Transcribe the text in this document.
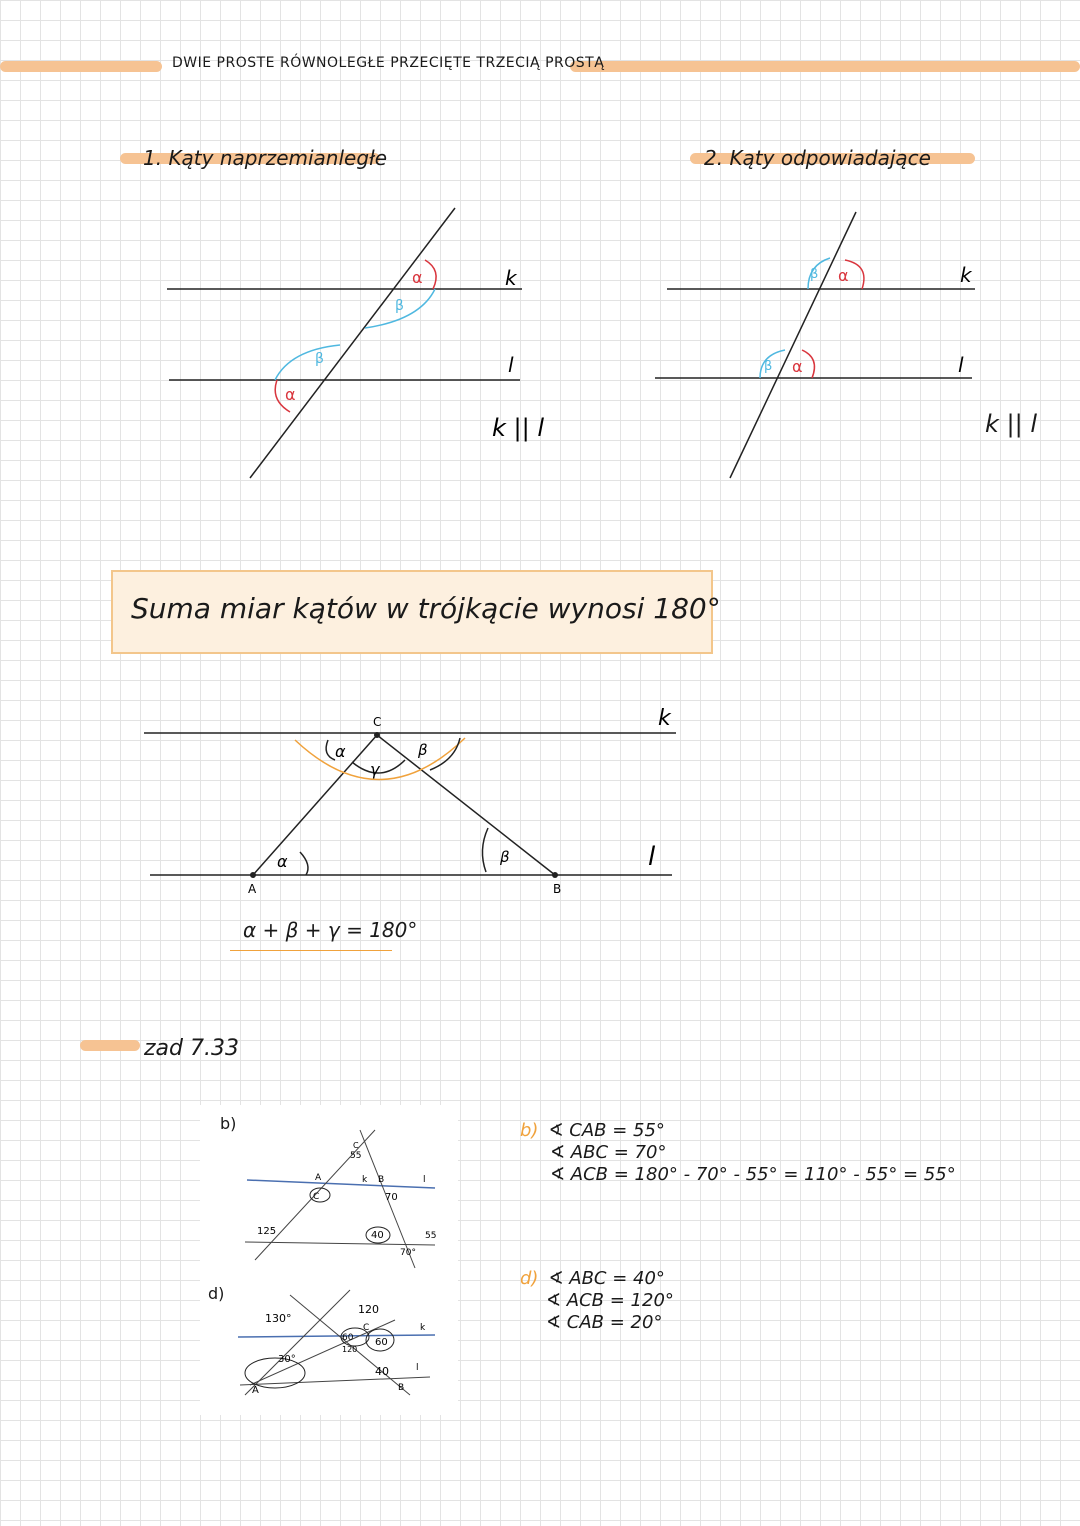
DWIE PROSTE RÓWNOLEGŁE PRZECIĘTE TRZECIĄ PROSTĄ
1. Kąty naprzemianległe
α
β
β
α
k
l
k || l
2. Kąty odpowiadające
β α
β α
k
l
k || l
Suma miar kątów w trójkącie wynosi 180°
C
A	B
α
γ
β
α	β
k
l
α + β + γ = 180°
zad 7.33
b)
d)
C
A
55
C
B
k
70
40
125
70°
l
55
130°
30°
120
60 60
40
C
B
k
l
A
120
b) ∢ CAB = 55°
∢ ABC = 70°
∢ ACB = 180° - 70° - 55° = 110° - 55° = 55°
d) ∢ ABC = 40°
∢ ACB = 120°
∢ CAB = 20°
